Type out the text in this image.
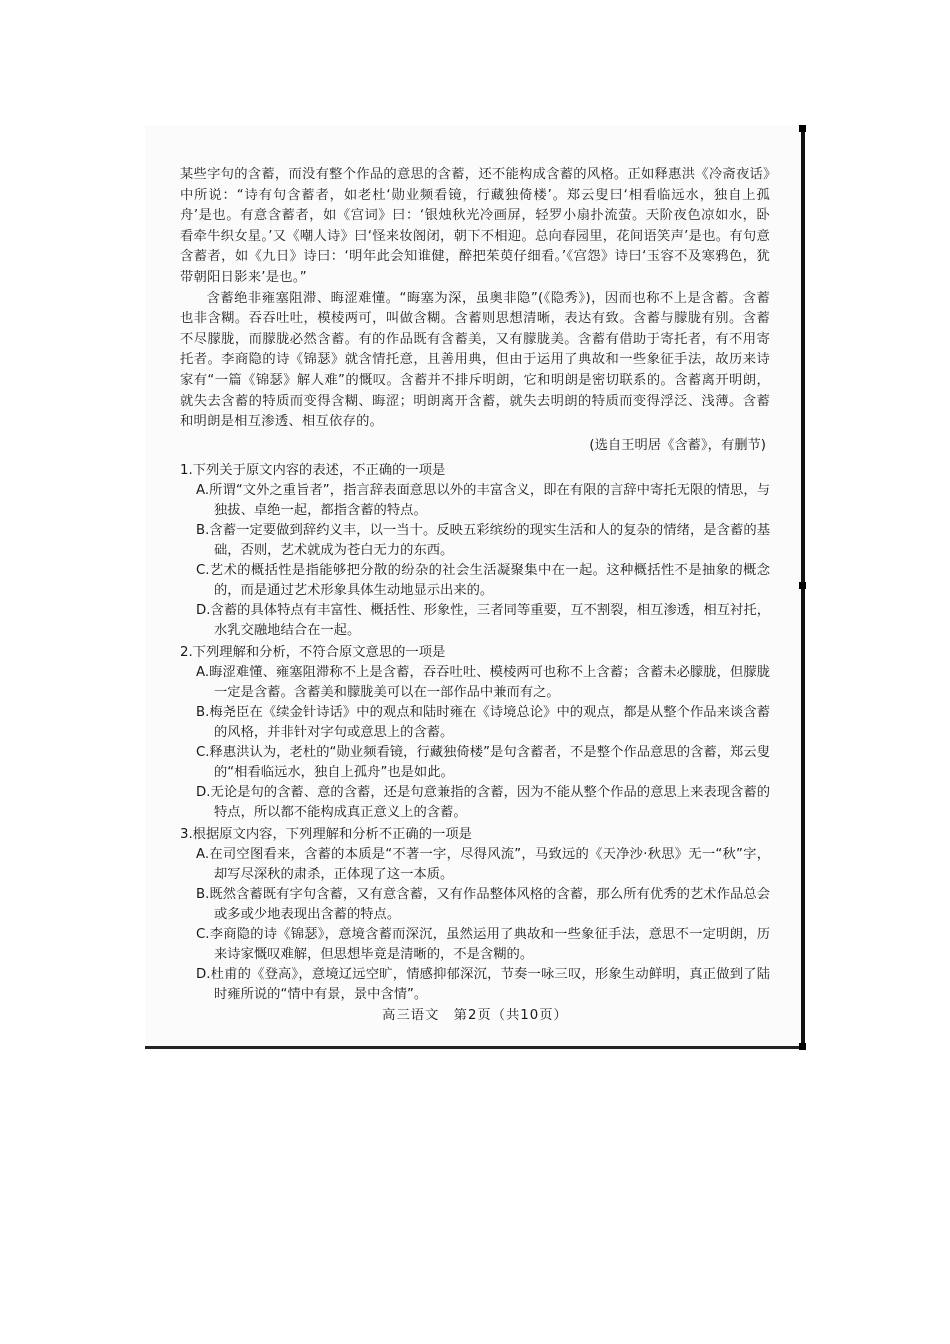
某些字句的含蓄，而没有整个作品的意思的含蓄，还不能构成含蓄的风格。正如释惠洪《冷斋夜话》中所说：“诗有句含蓄者，如老杜‘勋业频看镜，行藏独倚楼’。郑云叟曰‘相看临远水，独自上孤舟’是也。有意含蓄者，如《宫词》曰：‘银烛秋光冷画屏，轻罗小扇扑流萤。天阶夜色凉如水，卧看牵牛织女星。’又《嘲人诗》曰‘怪来妆阁闭，朝下不相迎。总向春园里，花间语笑声’是也。有句意含蓄者，如《九日》诗曰：‘明年此会知谁健，醉把茱萸仔细看。’《宫怨》诗曰‘玉容不及寒鸦色，犹带朝阳日影来’是也。”

含蓄绝非雍塞阻滞、晦涩难懂。“晦塞为深，虽奥非隐”(《隐秀》)，因而也称不上是含蓄。含蓄也非含糊。吞吞吐吐，模棱两可，叫做含糊。含蓄则思想清晰，表达有致。含蓄与朦胧有别。含蓄不尽朦胧，而朦胧必然含蓄。有的作品既有含蓄美，又有朦胧美。含蓄有借助于寄托者，有不用寄托者。李商隐的诗《锦瑟》就含情托意，且善用典，但由于运用了典故和一些象征手法，故历来诗家有“一篇《锦瑟》解人难”的慨叹。含蓄并不排斥明朗，它和明朗是密切联系的。含蓄离开明朗，就失去含蓄的特质而变得含糊、晦涩；明朗离开含蓄，就失去明朗的特质而变得浮泛、浅薄。含蓄和明朗是相互渗透、相互依存的。

(选自王明居《含蓄》，有删节)

1.下列关于原文内容的表述，不正确的一项是

A.所谓“文外之重旨者”，指言辞表面意思以外的丰富含义，即在有限的言辞中寄托无限的情思，与独拔、卓绝一起，都指含蓄的特点。

B.含蓄一定要做到辞约义丰，以一当十。反映五彩缤纷的现实生活和人的复杂的情绪，是含蓄的基础，否则，艺术就成为苍白无力的东西。

C.艺术的概括性是指能够把分散的纷杂的社会生活凝聚集中在一起。这种概括性不是抽象的概念的，而是通过艺术形象具体生动地显示出来的。

D.含蓄的具体特点有丰富性、概括性、形象性，三者同等重要，互不割裂，相互渗透，相互衬托，水乳交融地结合在一起。

2.下列理解和分析，不符合原文意思的一项是

A.晦涩难懂、雍塞阻滞称不上是含蓄，吞吞吐吐、模棱两可也称不上含蓄；含蓄未必朦胧，但朦胧一定是含蓄。含蓄美和朦胧美可以在一部作品中兼而有之。

B.梅尧臣在《续金针诗话》中的观点和陆时雍在《诗境总论》中的观点，都是从整个作品来谈含蓄的风格，并非针对字句或意思上的含蓄。

C.释惠洪认为，老杜的“勋业频看镜，行藏独倚楼”是句含蓄者，不是整个作品意思的含蓄，郑云叟的“相看临远水，独自上孤舟”也是如此。

D.无论是句的含蓄、意的含蓄，还是句意兼指的含蓄，因为不能从整个作品的意思上来表现含蓄的特点，所以都不能构成真正意义上的含蓄。

3.根据原文内容，下列理解和分析不正确的一项是

A.在司空图看来，含蓄的本质是“不著一字，尽得风流”，马致远的《天净沙·秋思》无一“秋”字，却写尽深秋的肃杀，正体现了这一本质。

B.既然含蓄既有字句含蓄，又有意含蓄，又有作品整体风格的含蓄，那么所有优秀的艺术作品总会或多或少地表现出含蓄的特点。

C.李商隐的诗《锦瑟》，意境含蓄而深沉，虽然运用了典故和一些象征手法，意思不一定明朗，历来诗家慨叹难解，但思想毕竟是清晰的，不是含糊的。

D.杜甫的《登高》，意境辽远空旷，情感抑郁深沉，节奏一咏三叹，形象生动鲜明，真正做到了陆时雍所说的“情中有景，景中含情”。

高三语文　第2页（共10页）
